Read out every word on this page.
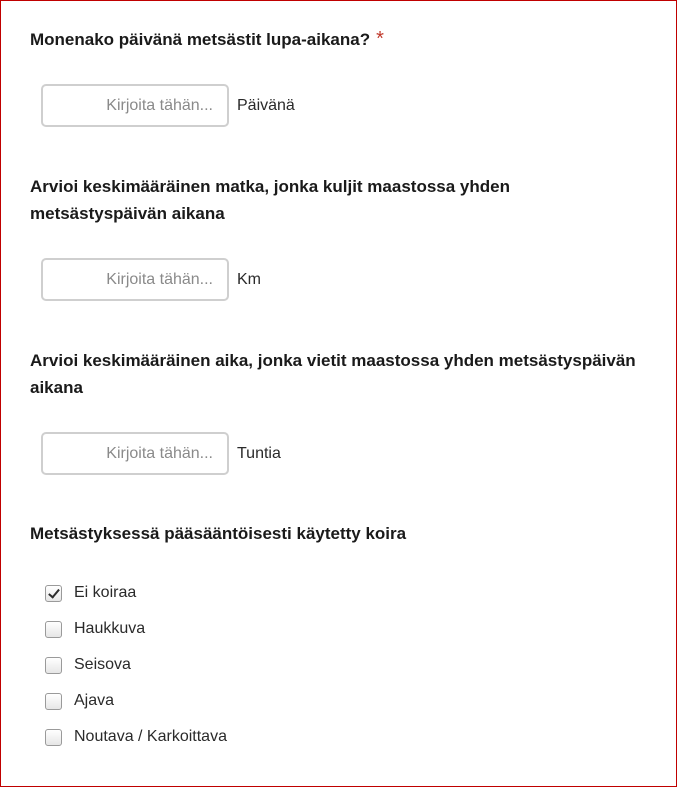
Monenako päivänä metsästit lupa-aikana? *
Kirjoita tähän...
Päivänä
Arvioi keskimääräinen matka, jonka kuljit maastossa yhden metsästyspäivän aikana
Kirjoita tähän...
Km
Arvioi keskimääräinen aika, jonka vietit maastossa yhden metsästyspäivän aikana
Kirjoita tähän...
Tuntia
Metsästyksessä pääsääntöisesti käytetty koira
Ei koiraa
Haukkuva
Seisova
Ajava
Noutava / Karkoittava
